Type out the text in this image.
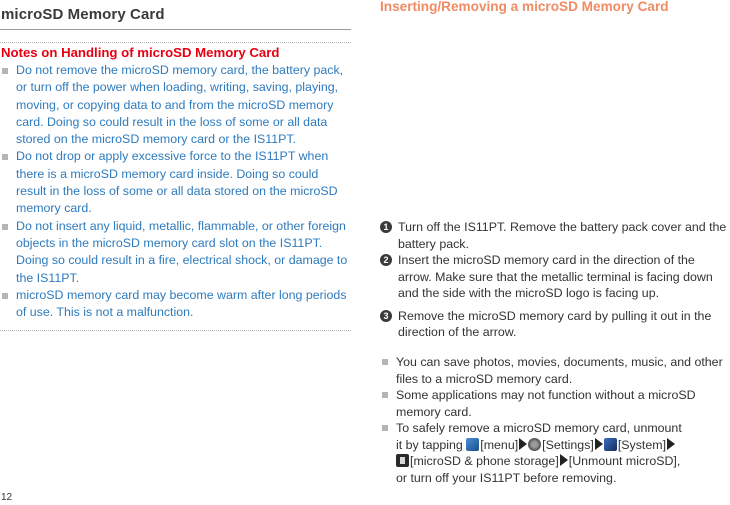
microSD Memory Card
Notes on Handling of microSD Memory Card
Do not remove the microSD memory card, the battery pack, or turn off the power when loading, writing, saving, playing, moving, or copying data to and from the microSD memory card. Doing so could result in the loss of some or all data stored on the microSD memory card or the IS11PT.
Do not drop or apply excessive force to the IS11PT when there is a microSD memory card inside. Doing so could result in the loss of some or all data stored on the microSD memory card.
Do not insert any liquid, metallic, flammable, or other foreign objects in the microSD memory card slot on the IS11PT. Doing so could result in a fire, electrical shock, or damage to the IS11PT.
microSD memory card may become warm after long periods of use. This is not a malfunction.
Inserting/Removing a microSD Memory Card
1 Turn off the IS11PT. Remove the battery pack cover and the battery pack.
2 Insert the microSD memory card in the direction of the arrow. Make sure that the metallic terminal is facing down and the side with the microSD logo is facing up.
3 Remove the microSD memory card by pulling it out in the direction of the arrow.
You can save photos, movies, documents, music, and other files to a microSD memory card.
Some applications may not function without a microSD memory card.
To safely remove a microSD memory card, unmount it by tapping [menu] [Settings] [System][microSD & phone storage] [Unmount microSD], or turn off your IS11PT before removing.
12
